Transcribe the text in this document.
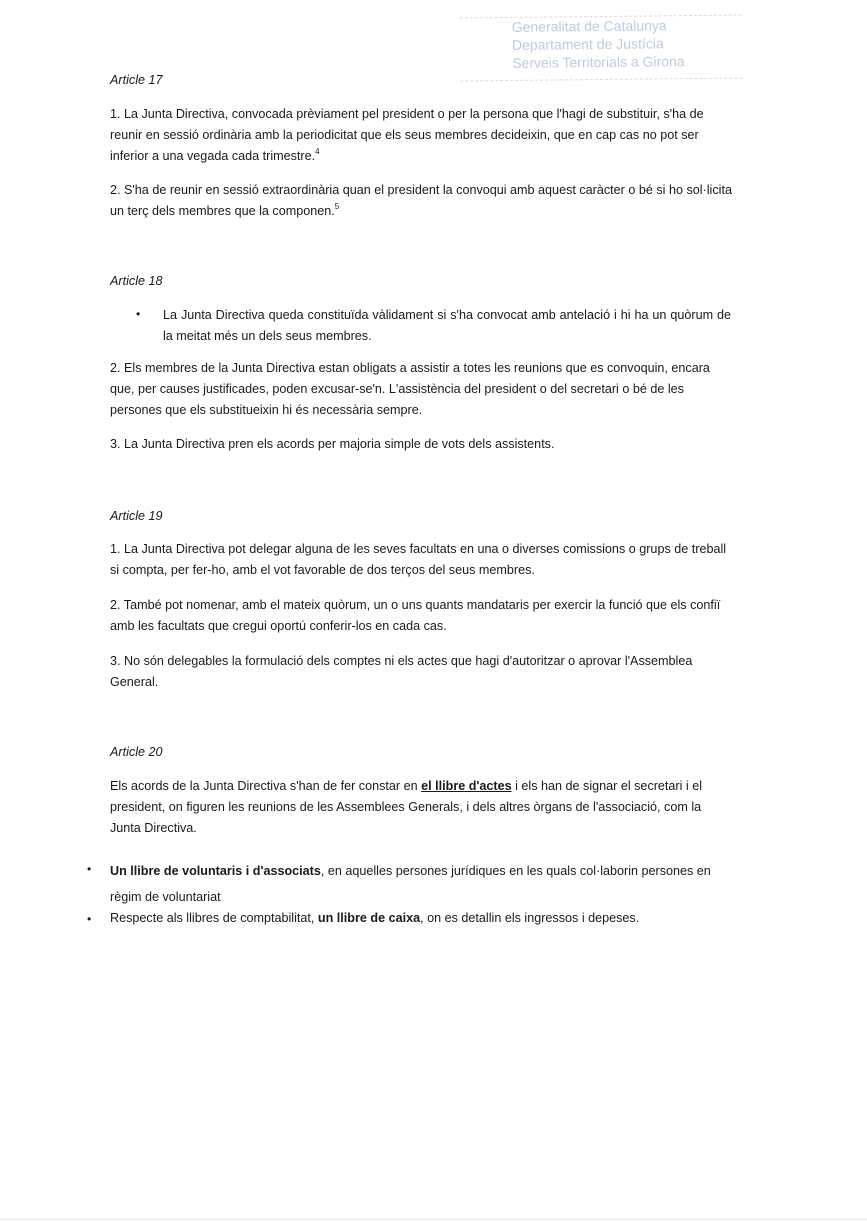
Generalitat de Catalunya
Departament de Justícia
Serveis Territorials a Girona
Article 17

1. La Junta Directiva, convocada prèviament pel president o per la persona que l'hagi de substituir, s'ha de reunir en sessió ordinària amb la periodicitat que els seus membres decideixin, que en cap cas no pot ser inferior a una vegada cada trimestre.$^4$

2. S'ha de reunir en sessió extraordinària quan el president la convoqui amb aquest caràcter o bé si ho sol·licita un terç dels membres que la componen.$^5$

Article 18
• La Junta Directiva queda constituïda vàlidament si s'ha convocat amb antelació i hi ha un quòrum de la meitat més un dels seus membres.

2. Els membres de la Junta Directiva estan obligats a assistir a totes les reunions que es convoquin, encara que, per causes justificades, poden excusar-se'n. L'assistència del president o del secretari o bé de les persones que els substitueixin hi és necessària sempre.

3. La Junta Directiva pren els acords per majoria simple de vots dels assistents.

Article 19

1. La Junta Directiva pot delegar alguna de les seves facultats en una o diverses comissions o grups de treball si compta, per fer-ho, amb el vot favorable de dos terços del seus membres.

2. També pot nomenar, amb el mateix quòrum, un o uns quants mandataris per exercir la funció que els confiï amb les facultats que cregui oportú conferir-los en cada cas.

3. No són delegables la formulació dels comptes ni els actes que hagi d'autoritzar o aprovar l'Assemblea General.

Article 20

Els acords de la Junta Directiva s'han de fer constar en el llibre d'actes i els han de signar el secretari i el president, on figuren les reunions de les Assemblees Generals, i dels altres òrgans de l'associació, com la Junta Directiva.

• Un llibre de voluntaris i d'associats, en aquelles persones jurídiques en les quals col·laborin persones en règim de voluntariat

• Respecte als llibres de comptabilitat, un llibre de caixa, on es detallin els ingressos i depeses.
